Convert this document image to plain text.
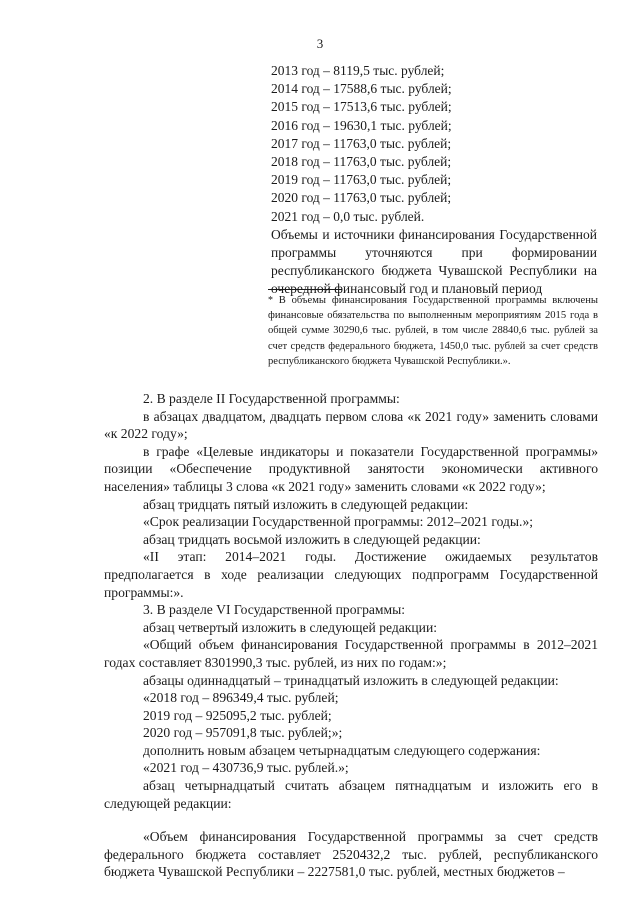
3
2013 год – 8119,5 тыс. рублей;
2014 год – 17588,6 тыс. рублей;
2015 год – 17513,6 тыс. рублей;
2016 год – 19630,1 тыс. рублей;
2017 год – 11763,0 тыс. рублей;
2018 год – 11763,0 тыс. рублей;
2019 год – 11763,0 тыс. рублей;
2020 год – 11763,0 тыс. рублей;
2021 год – 0,0 тыс. рублей.
Объемы и источники финансирования Государственной программы уточняются при формировании республиканского бюджета Чувашской Республики на очередной финансовый год и плановый период
* В объемы финансирования Государственной программы включены финансовые обязательства по выполненным мероприятиям 2015 года в общей сумме 30290,6 тыс. рублей, в том числе 28840,6 тыс. рублей за счет средств федерального бюджета, 1450,0 тыс. рублей за счет средств республиканского бюджета Чувашской Республики.».

2. В разделе II Государственной программы:

в абзацах двадцатом, двадцать первом слова «к 2021 году» заменить словами «к 2022 году»;

в графе «Целевые индикаторы и показатели Государственной программы» позиции «Обеспечение продуктивной занятости экономически активного населения» таблицы 3 слова «к 2021 году» заменить словами «к 2022 году»;

абзац тридцать пятый изложить в следующей редакции:

«Срок реализации Государственной программы: 2012–2021 годы.»;

абзац тридцать восьмой изложить в следующей редакции:

«II этап: 2014–2021 годы. Достижение ожидаемых результатов предполагается в ходе реализации следующих подпрограмм Государственной программы:».

3. В разделе VI Государственной программы:

абзац четвертый изложить в следующей редакции:

«Общий объем финансирования Государственной программы в 2012–2021 годах составляет 8301990,3 тыс. рублей, из них по годам:»;

абзацы одиннадцатый – тринадцатый изложить в следующей редакции:

«2018 год – 896349,4 тыс. рублей;

2019 год – 925095,2 тыс. рублей;

2020 год – 957091,8 тыс. рублей;»;

дополнить новым абзацем четырнадцатым следующего содержания:

«2021 год – 430736,9 тыс. рублей.»;

абзац четырнадцатый считать абзацем пятнадцатым и изложить его в следующей редакции:

«Объем финансирования Государственной программы за счет средств федерального бюджета составляет 2520432,2 тыс. рублей, республиканского бюджета Чувашской Республики – 2227581,0 тыс. рублей, местных бюджетов –
